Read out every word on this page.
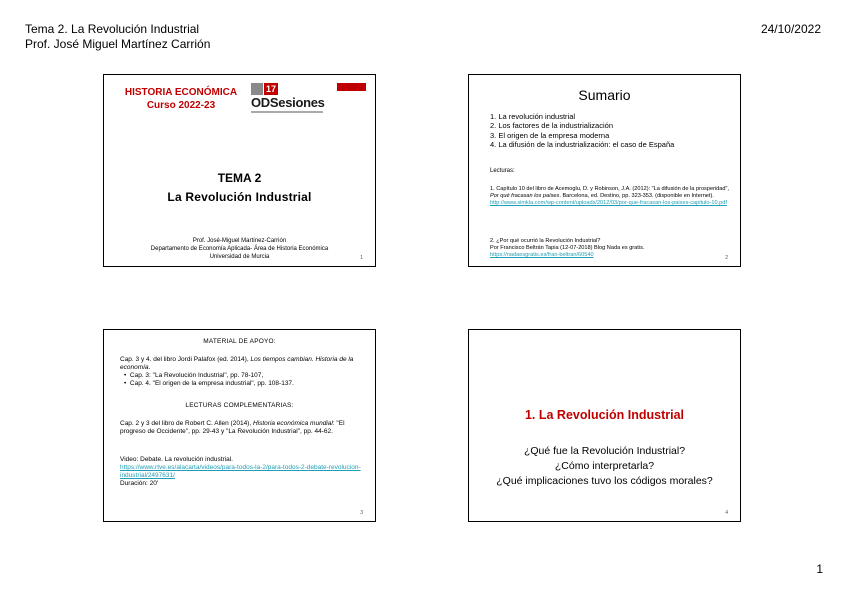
Tema 2. La Revolución Industrial
Prof. José Miguel Martínez Carrión
24/10/2022
HISTORIA ECONÓMICA
Curso 2022-23
17
ODSesiones
TEMA 2
La Revolución Industrial
Prof. José-Miguel Martínez-Carrión
Departamento de Economía Aplicada- Área de Historia Económica
Universidad de Murcia	1
Sumario
1. La revolución industrial
2. Los factores de la industrialización
3. El origen de la empresa moderna
4. La difusión de la industrialización: el caso de España
Lecturas:
1. Capítulo 10 del libro de Acemoglu, D. y Robinson, J.A. (2012): "La difusión de la prosperidad", Por qué fracasan los países. Barcelona, ed. Destino, pp. 323-353. (disponible en Internet).
http://www.simkla.com/wp-content/uploads/2012/03/por-que-fracasan-los-paises-capitulo-10.pdf
2. ¿Por qué ocurrió la Revolución Industrial?
Por Francisco Beltrán Tapia (12-07-2018) Blog Nada es gratis.
https://nadaesgratis.es/fran-beltran/60540	2
MATERIAL DE APOYO:
Cap. 3 y 4. del libro Jordi Palafox (ed. 2014), Los tiempos cambian. Historia de la economía.
•  Cap. 3: "La Revolución Industrial", pp. 78-107,
•  Cap. 4. "El origen de la empresa industrial", pp. 108-137.
LECTURAS COMPLEMENTARIAS:
Cap. 2 y 3 del libro de Robert C. Allen (2014), Historia económica mundial: "El progreso de Occidente", pp. 29-43 y "La Revolución Industrial", pp. 44-62.
Video: Debate. La revolución industrial.
https://www.rtve.es/alacarta/videos/para-todos-la-2/para-todos-2-debate-revolucion-industrial/2497631/
Duración: 20'
3
1. La Revolución Industrial
¿Qué fue la Revolución Industrial?
¿Cómo interpretarla?
¿Qué implicaciones tuvo los códigos morales?
4
1
